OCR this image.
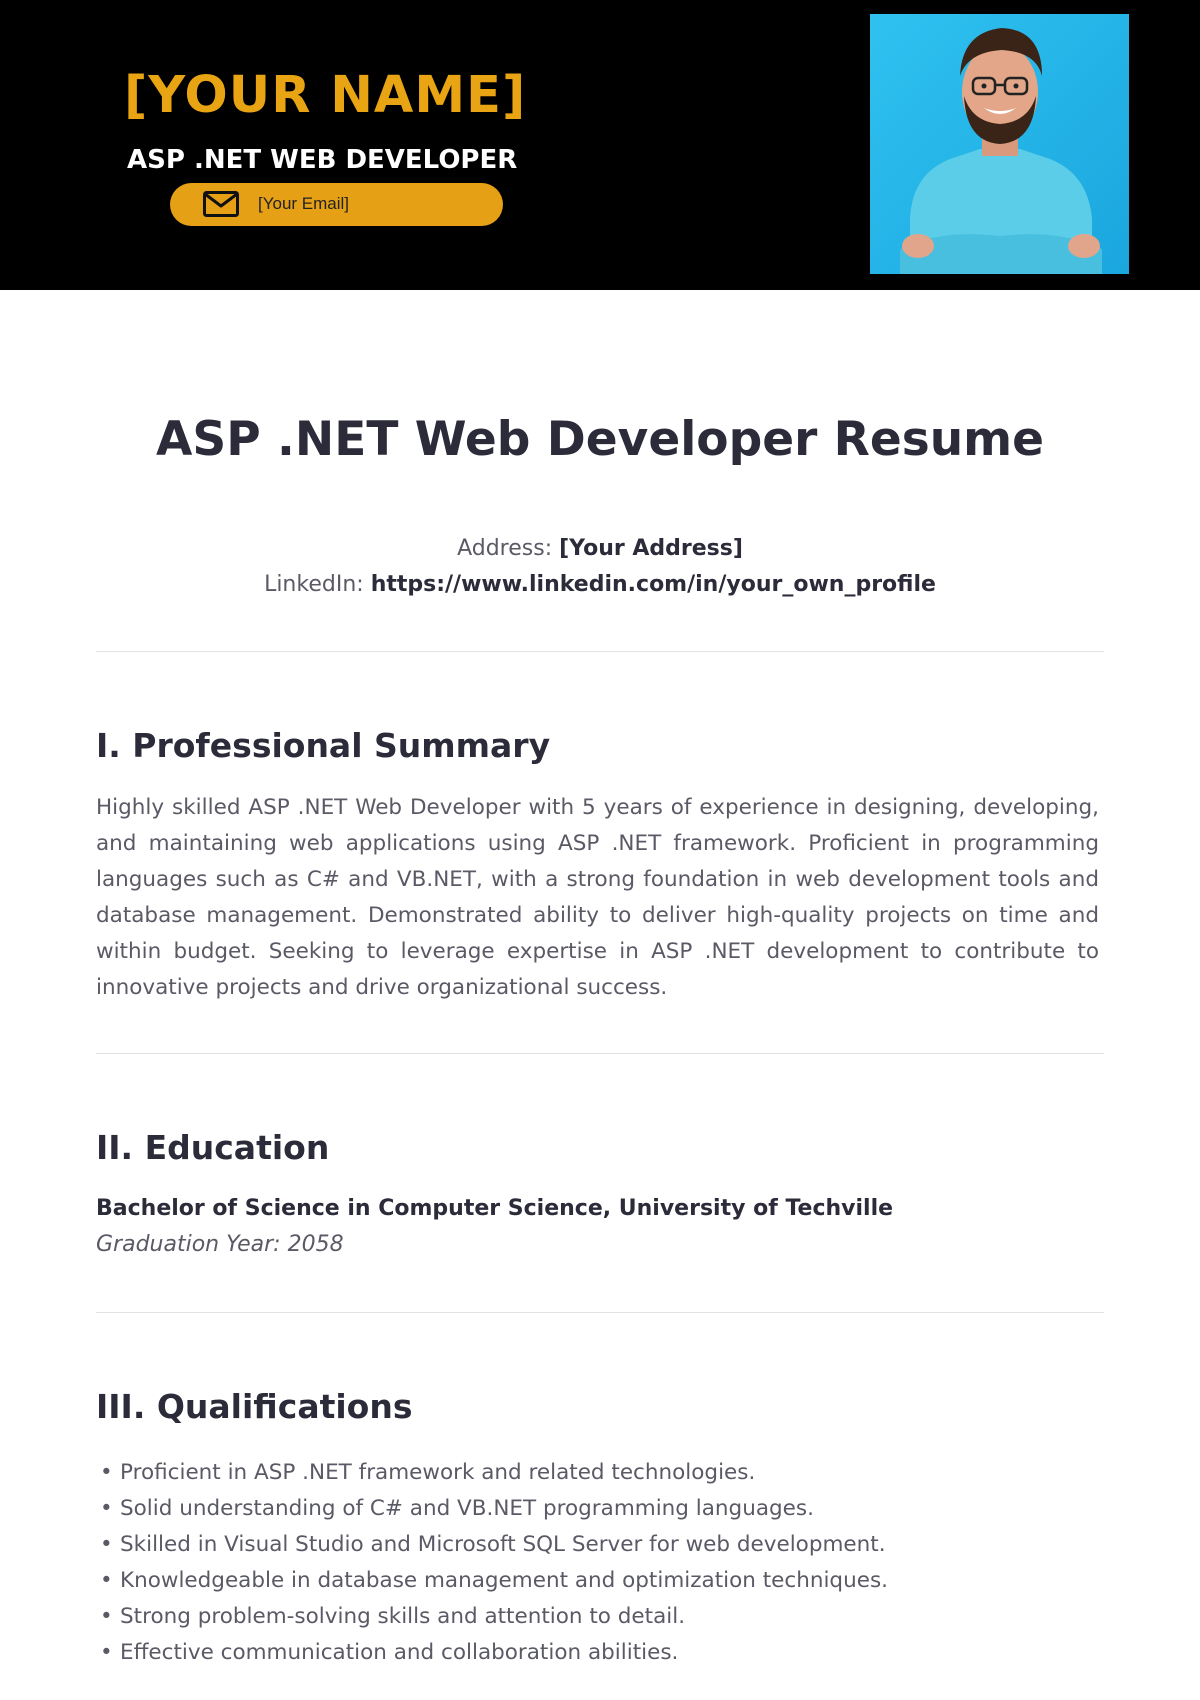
[YOUR NAME]
ASP .NET WEB DEVELOPER
[Your Email]
ASP .NET Web Developer Resume
Address: [Your Address]
LinkedIn: https://www.linkedin.com/in/your_own_profile
I. Professional Summary

Highly skilled ASP .NET Web Developer with 5 years of experience in designing, developing, and maintaining web applications using ASP .NET framework. Proficient in programming languages such as C# and VB.NET, with a strong foundation in web development tools and database management. Demonstrated ability to deliver high-quality projects on time and within budget. Seeking to leverage expertise in ASP .NET development to contribute to innovative projects and drive organizational success.

II. Education
Bachelor of Science in Computer Science, University of Techville
Graduation Year: 2058
III. Qualifications
• Proficient in ASP .NET framework and related technologies.
• Solid understanding of C# and VB.NET programming languages.
• Skilled in Visual Studio and Microsoft SQL Server for web development.
• Knowledgeable in database management and optimization techniques.
• Strong problem-solving skills and attention to detail.
• Effective communication and collaboration abilities.
